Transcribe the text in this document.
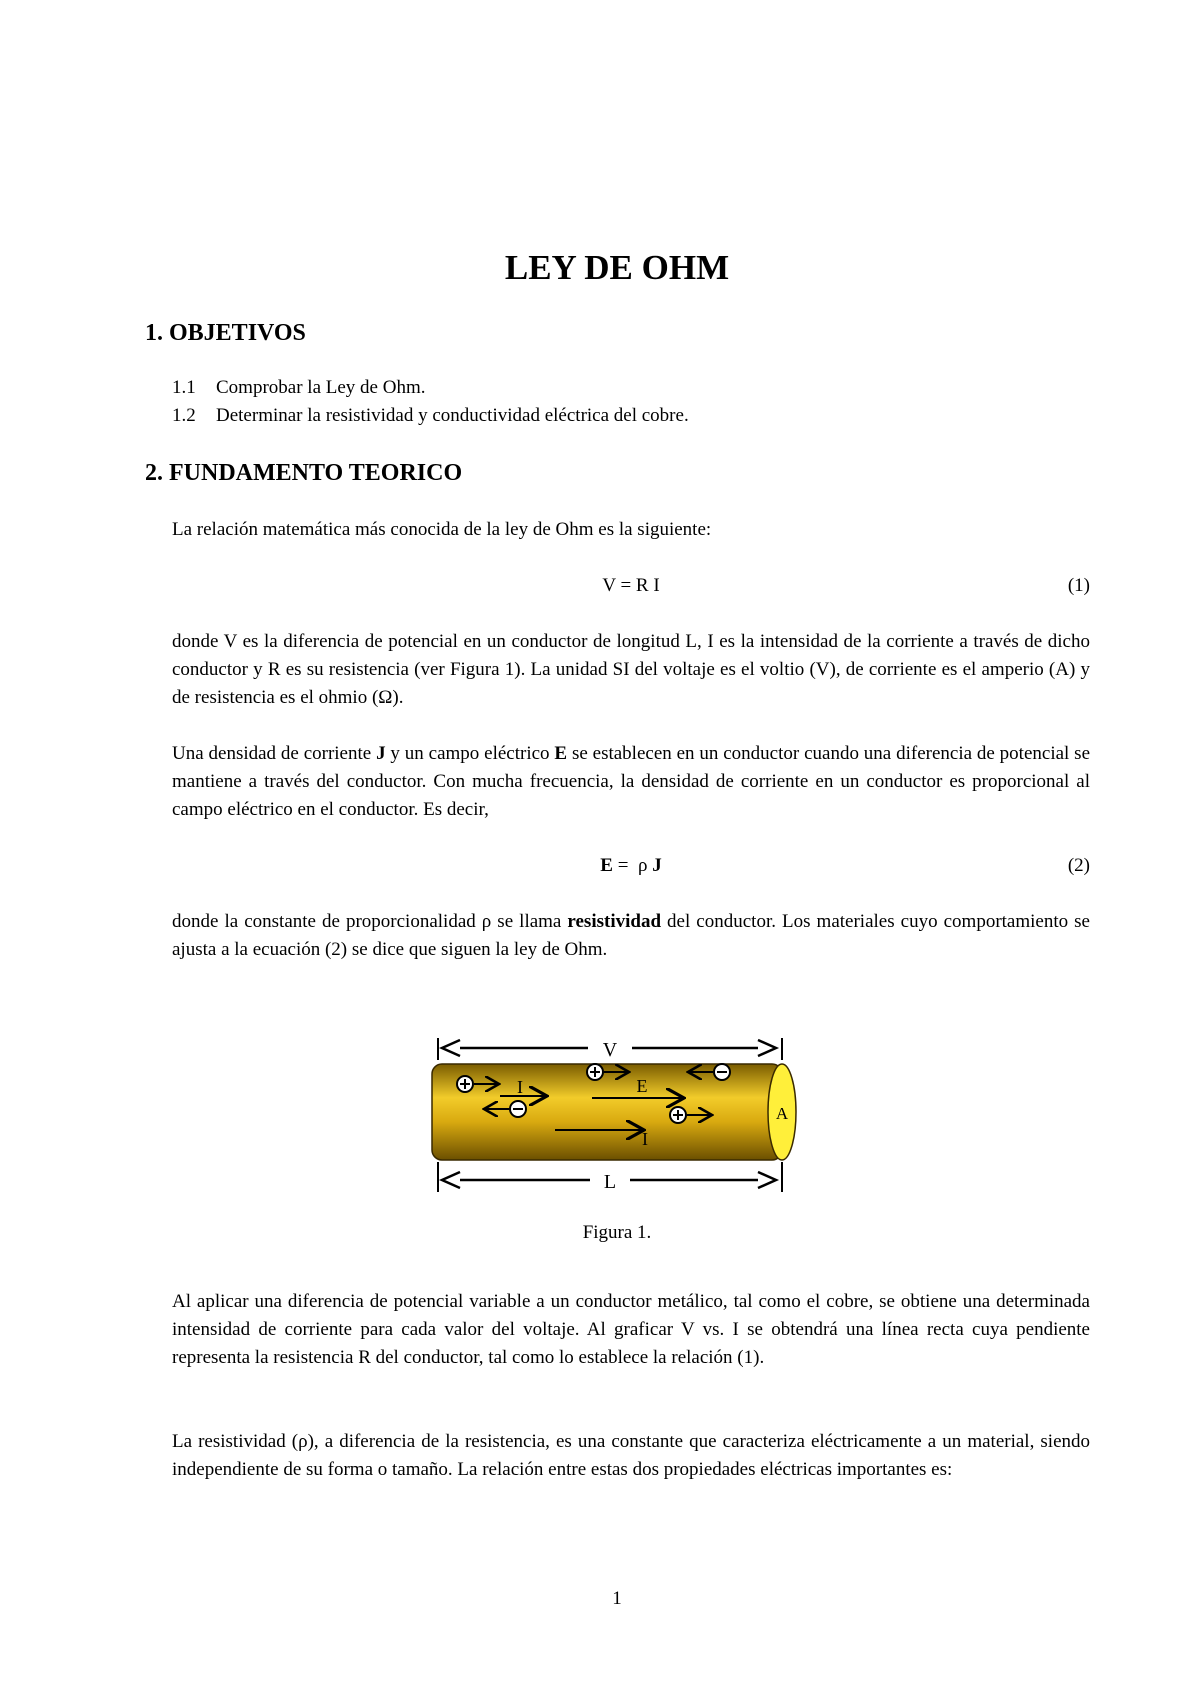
LEY DE OHM
1. OBJETIVOS
1.1 Comprobar la Ley de Ohm.
1.2 Determinar la resistividad y conductividad eléctrica del cobre.
2. FUNDAMENTO TEORICO

La relación matemática más conocida de la ley de Ohm es la siguiente:

V = R I	(1)

donde V es la diferencia de potencial en un conductor de longitud L, I es la intensidad de la corriente a través de dicho conductor y R es su resistencia (ver Figura 1). La unidad SI del voltaje es el voltio (V), de corriente es el amperio (A) y de resistencia es el ohmio (Ω).

Una densidad de corriente J y un campo eléctrico E se establecen en un conductor cuando una diferencia de potencial se mantiene a través del conductor. Con mucha frecuencia, la densidad de corriente en un conductor es proporcional al campo eléctrico en el conductor. Es decir,

E =  ρ J	(2)

donde la constante de proporcionalidad ρ se llama resistividad del conductor. Los materiales cuyo comportamiento se ajusta a la ecuación (2) se dice que siguen la ley de Ohm.

V
A
I	E
I
L
Figura 1.

Al aplicar una diferencia de potencial variable a un conductor metálico, tal como el cobre, se obtiene una determinada intensidad de corriente para cada valor del voltaje. Al graficar V vs. I se obtendrá una línea recta cuya pendiente representa la resistencia R del conductor, tal como lo establece la relación (1).

La resistividad (ρ), a diferencia de la resistencia, es una constante que caracteriza eléctricamente a un material, siendo independiente de su forma o tamaño. La relación entre estas dos propiedades eléctricas importantes es:

1
